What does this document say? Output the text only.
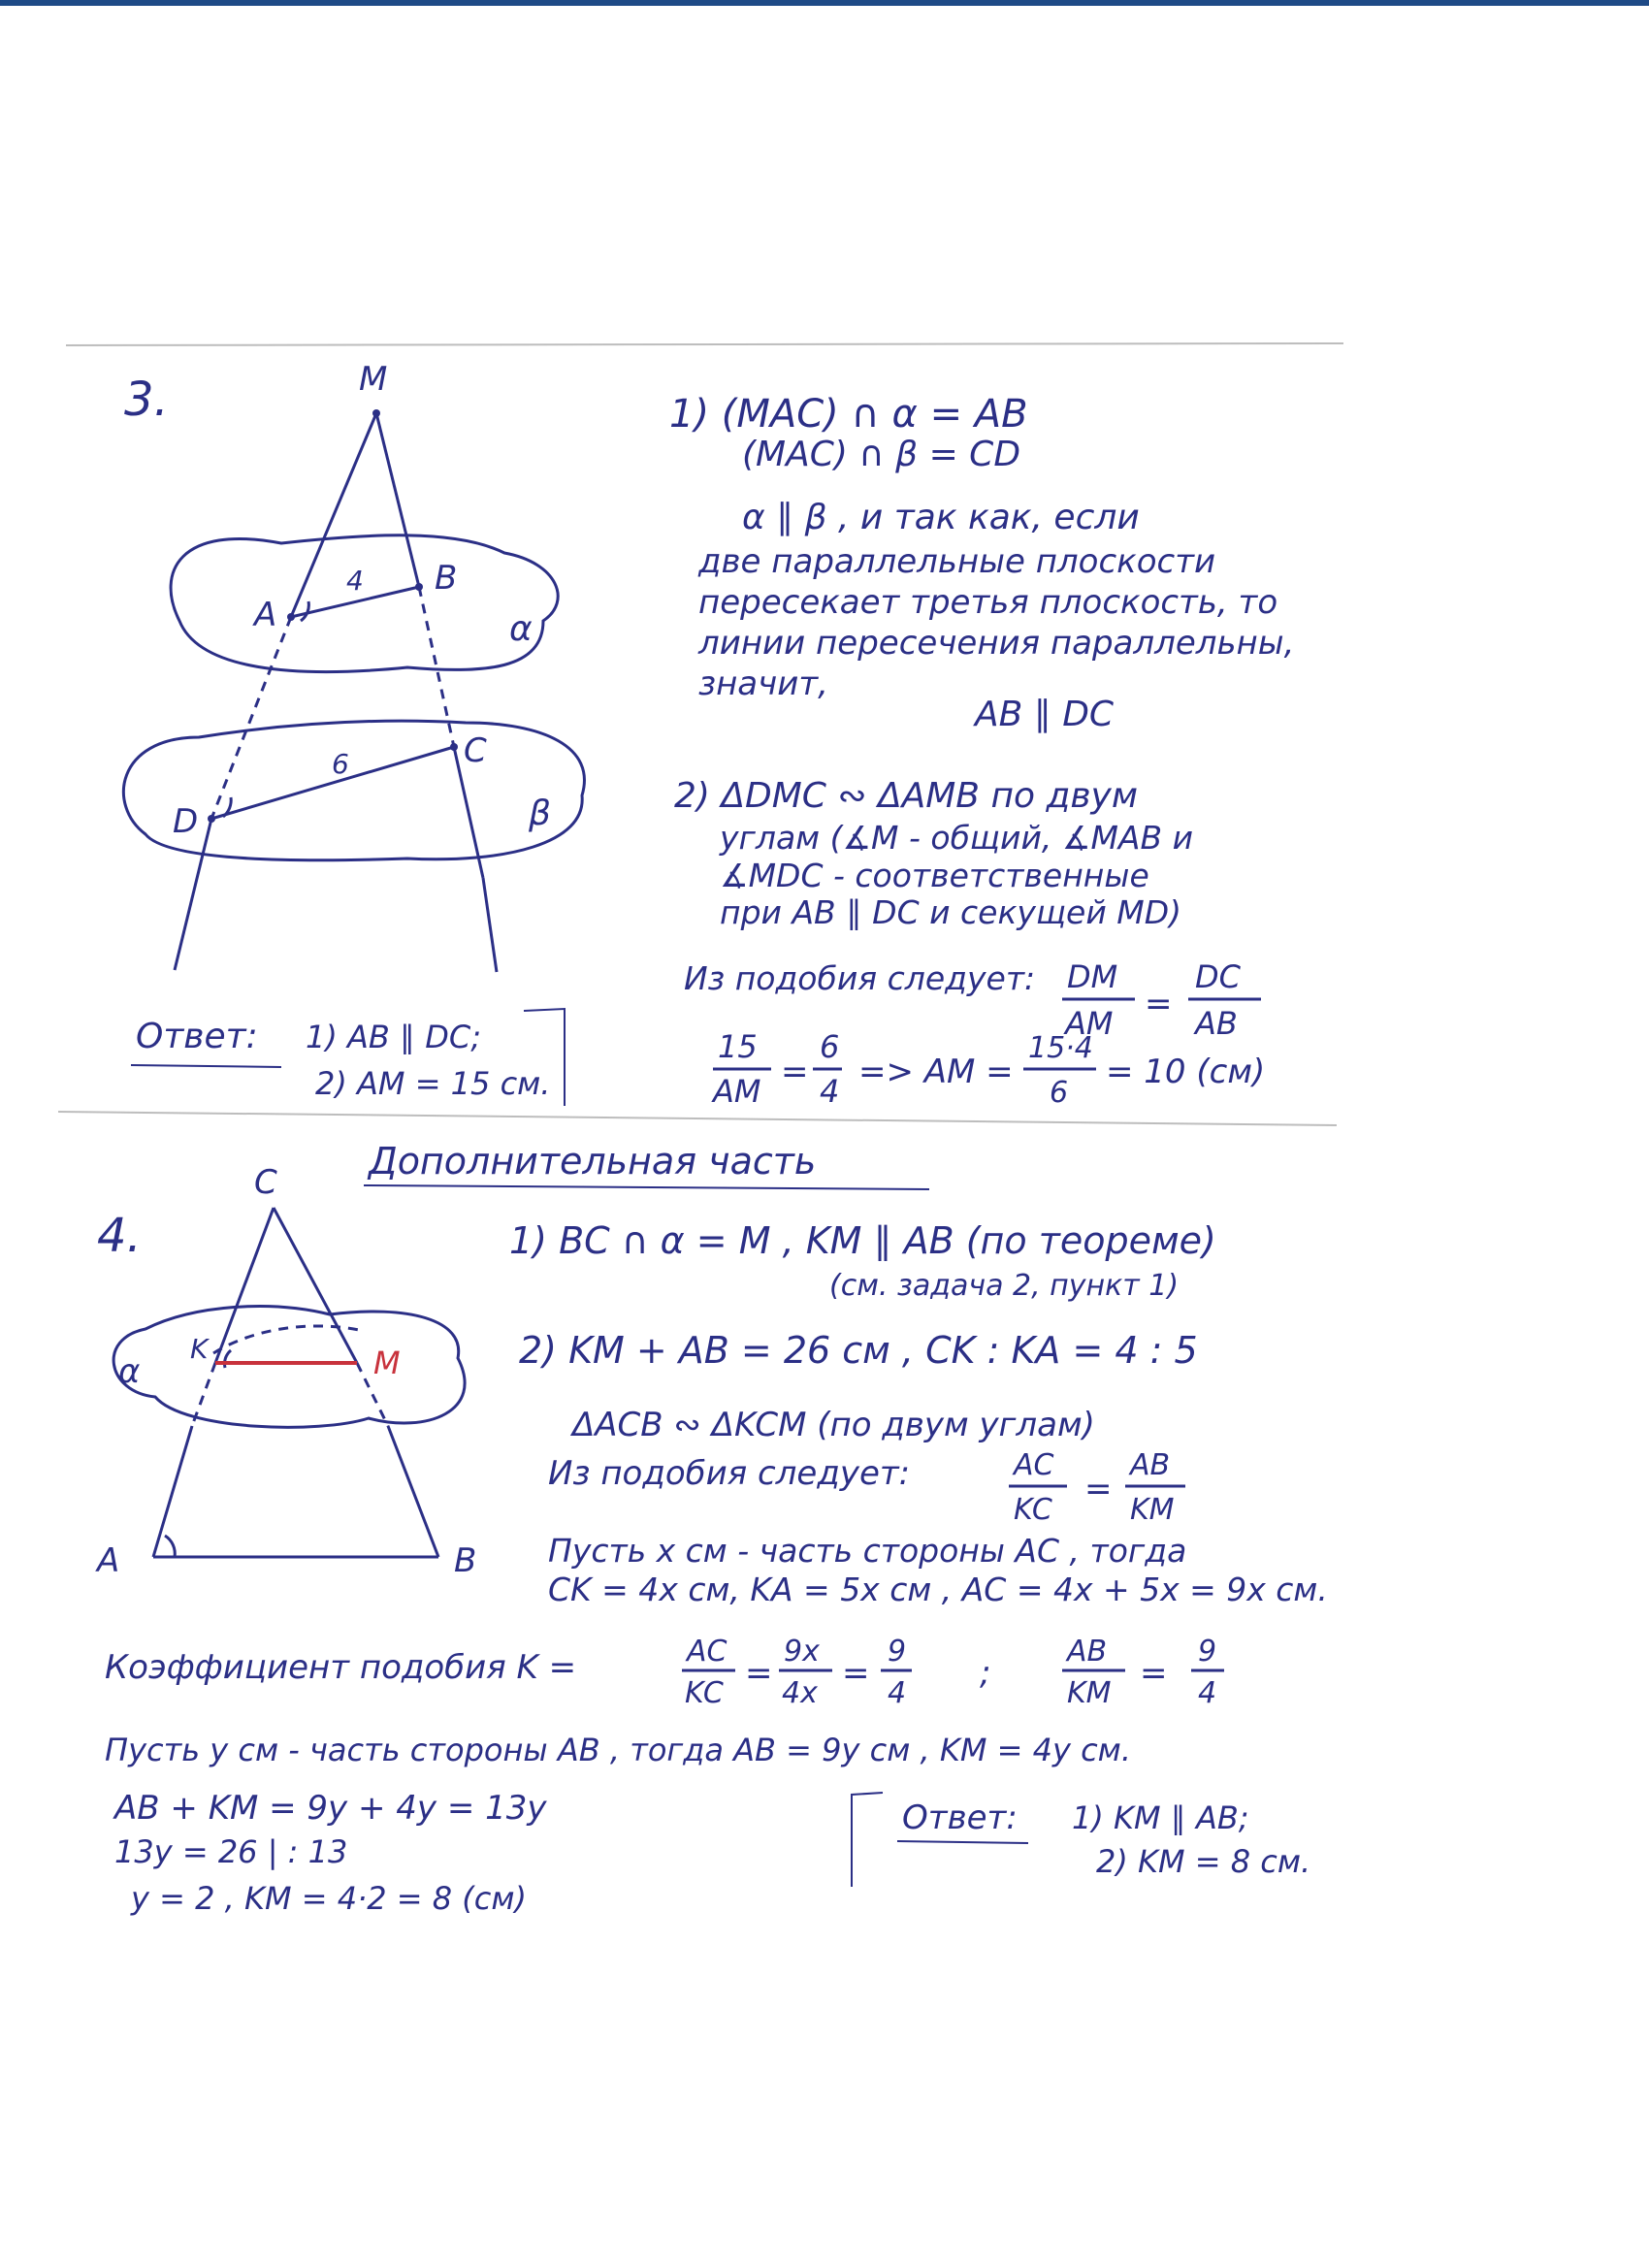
3.	M
A
B
C
D
4
6
α
β
1) (MAC) ∩ α = AB
(MAC) ∩ β = CD
α ∥ β , и так как, если
две параллельные плоскости
пересекает третья плоскость, то
линии пересечения параллельны,
значит,
AB ∥ DC
2) ΔDMC ∾ ΔAMB по двум
углам (∡M - общий, ∡MAB и
∡MDC - соответственные
при AB ∥ DC и секущей MD)
Из подобия следует: DM
AM =
DC
AB
15
AM =
6
4 => AM =
15·4
6
= 10 (см)
Ответ: 1) AB ∥ DC;
2) AM = 15 см.
Дополнительная часть
4.
C
A	B
K	M
α
1) BC ∩ α = M , KM ∥ AB (по теореме)
(см. задача 2, пункт 1)
2) KM + AB = 26 см , CK : KA = 4 : 5
ΔACB ∾ ΔKCM (по двум углам)
Из подобия следует:	AC
KC
=
AB
KM
Пусть x см - часть стороны AC , тогда
CK = 4x см, KA = 5x см , AC = 4x + 5x = 9x см.
Коэффициент подобия K =	AC
KC
=
9x
4x
=
9
4
;
AB
KM
=
9
4
Пусть y см - часть стороны AB , тогда AB = 9y см , KM = 4y см.
AB + KM = 9y + 4y = 13y
13y = 26 | : 13
y = 2 , KM = 4·2 = 8 (см)
Ответ: 1) KM ∥ AB;
2) KM = 8 см.
